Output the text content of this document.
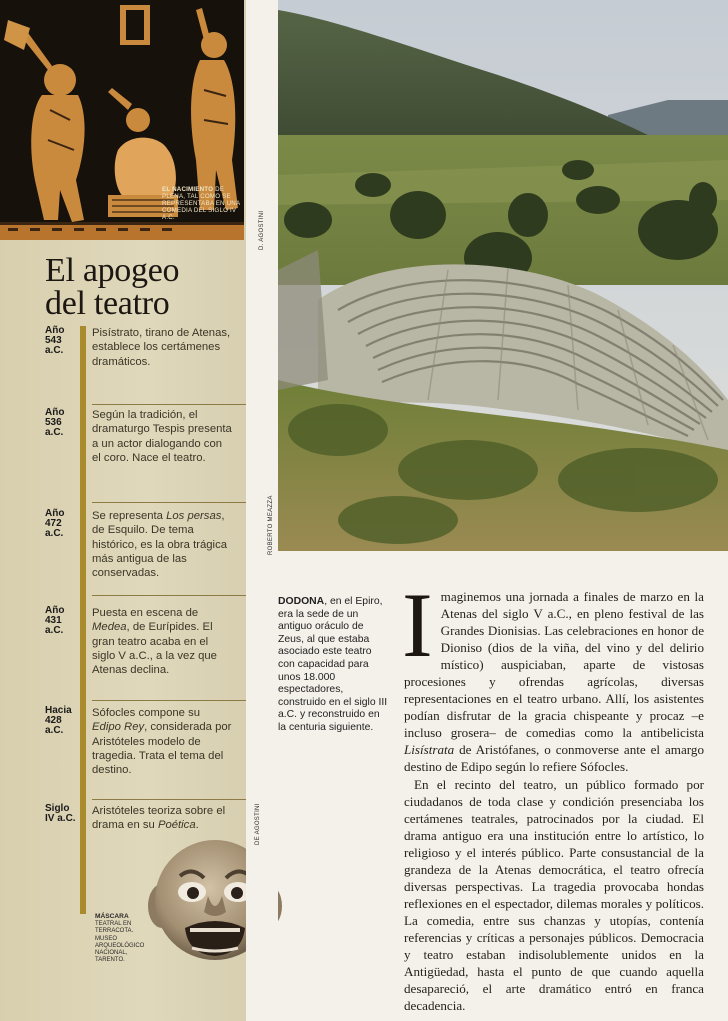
EL NACIMIENTO DE PLENA, TAL COMO SE REPRESENTABA EN UNA COMEDIA DEL SIGLO IV A.C.
El apogeo
del teatro
Año
543
a.C.
Pisístrato, tirano de Atenas, establece los certámenes dramáticos.
Año
536
a.C.
Según la tradición, el dramaturgo Tespis presenta a un actor dialogando con el coro. Nace el teatro.
Año
472
a.C.
Se representa Los persas, de Esquilo. De tema histórico, es la obra trágica más antigua de las conservadas.
Año
431
a.C.
Puesta en escena de Medea, de Eurípides. El gran teatro acaba en el siglo V a.C., a la vez que Atenas declina.
Hacia
428
a.C.
Sófocles compone su Edipo Rey, considerada por Aristóteles modelo de tragedia. Trata el tema del destino.
Siglo
IV a.C.
Aristóteles teoriza sobre el drama en su Poética.
MÁSCARA
TEATRAL EN TERRACOTA. MUSEO ARQUEOLÓGICO NACIONAL, TARENTO.
D. AGOSTINI
ROBERTO MEAZZA
DE AGOSTINI
DODONA, en el Epiro, era la sede de un antiguo oráculo de Zeus, al que estaba asociado este teatro con capacidad para unos 18.000 espectadores, construido en el siglo III a.C. y reconstruido en la centuria siguiente.

Imaginemos una jornada a finales de marzo en la Atenas del siglo V a.C., en pleno festival de las Grandes Dionisias. Las celebraciones en honor de Dioniso (dios de la viña, del vino y del delirio místico) auspiciaban, aparte de vistosas procesiones y ofrendas agrícolas, diversas representaciones en el teatro urbano. Allí, los asistentes podían disfrutar de la gracia chispeante y procaz –e incluso grosera– de comedias como la antibelicista Lisístrata de Aristófanes, o conmoverse ante el amargo destino de Edipo según lo refiere Sófocles.

En el recinto del teatro, un público formado por ciudadanos de toda clase y condición presenciaba los certámenes teatrales, patrocinados por la ciudad. El drama antiguo era una institución entre lo artístico, lo religioso y el interés público. Parte consustancial de la grandeza de la Atenas democrática, el teatro ofrecía diversas perspectivas. La tragedia provocaba hondas reflexiones en el espectador, dilemas morales y políticos. La comedia, entre sus chanzas y utopías, contenía referencias y críticas a personajes públicos. Democracia y teatro estaban indisolublemente unidos en la Antigüedad, hasta el punto de que cuando aquella desapareció, el arte dramático entró en franca decadencia.
